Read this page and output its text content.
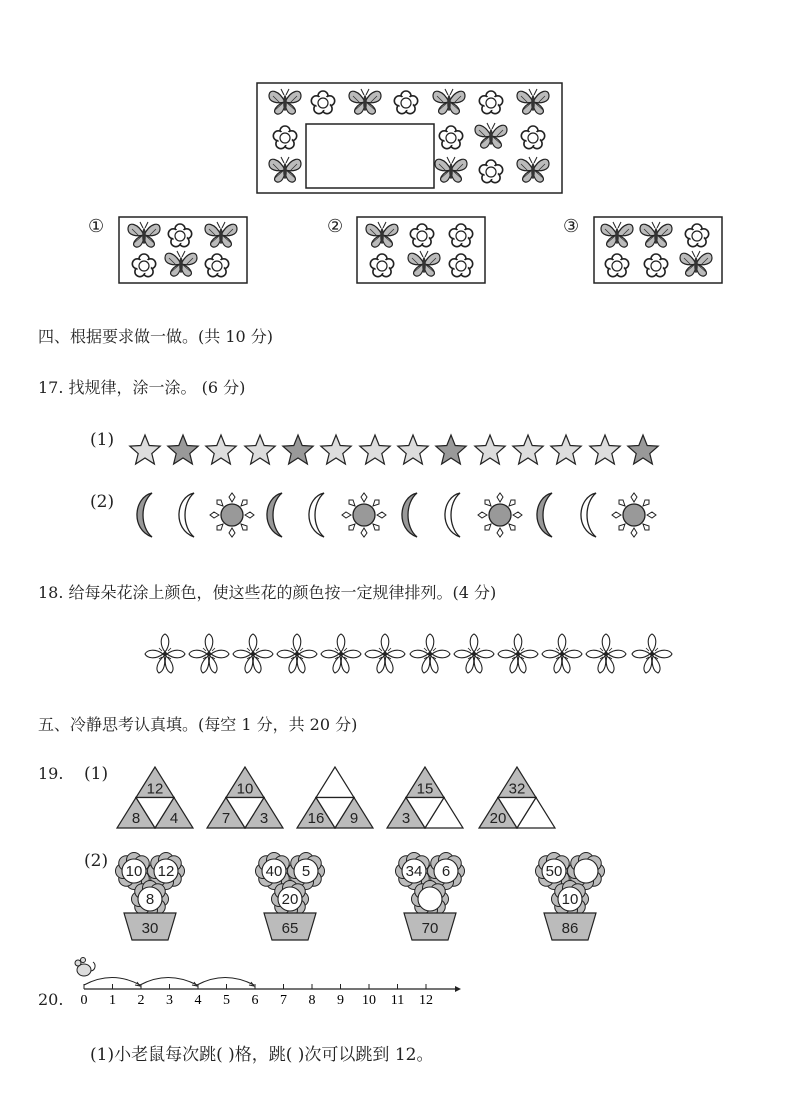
①	②	③
四、根据要求做一做。(共 10 分)
17. 找规律，涂一涂。 (6 分)
(1)
(2)
18. 给每朵花涂上颜色，使这些花的颜色按一定规律排列。(4 分)
五、冷静思考认真填。(每空 1 分，共 20 分)
19. (1)
12
8 4
10
7 3	16 9
15
3
32
20
(2)
10 12
8
30
40 5
20
65
34 6
70
50
10
86
0 1 2 3 4 5 6 7 8 9 10 11 12
20.
(1)小老鼠每次跳( )格，跳( )次可以跳到 12。
